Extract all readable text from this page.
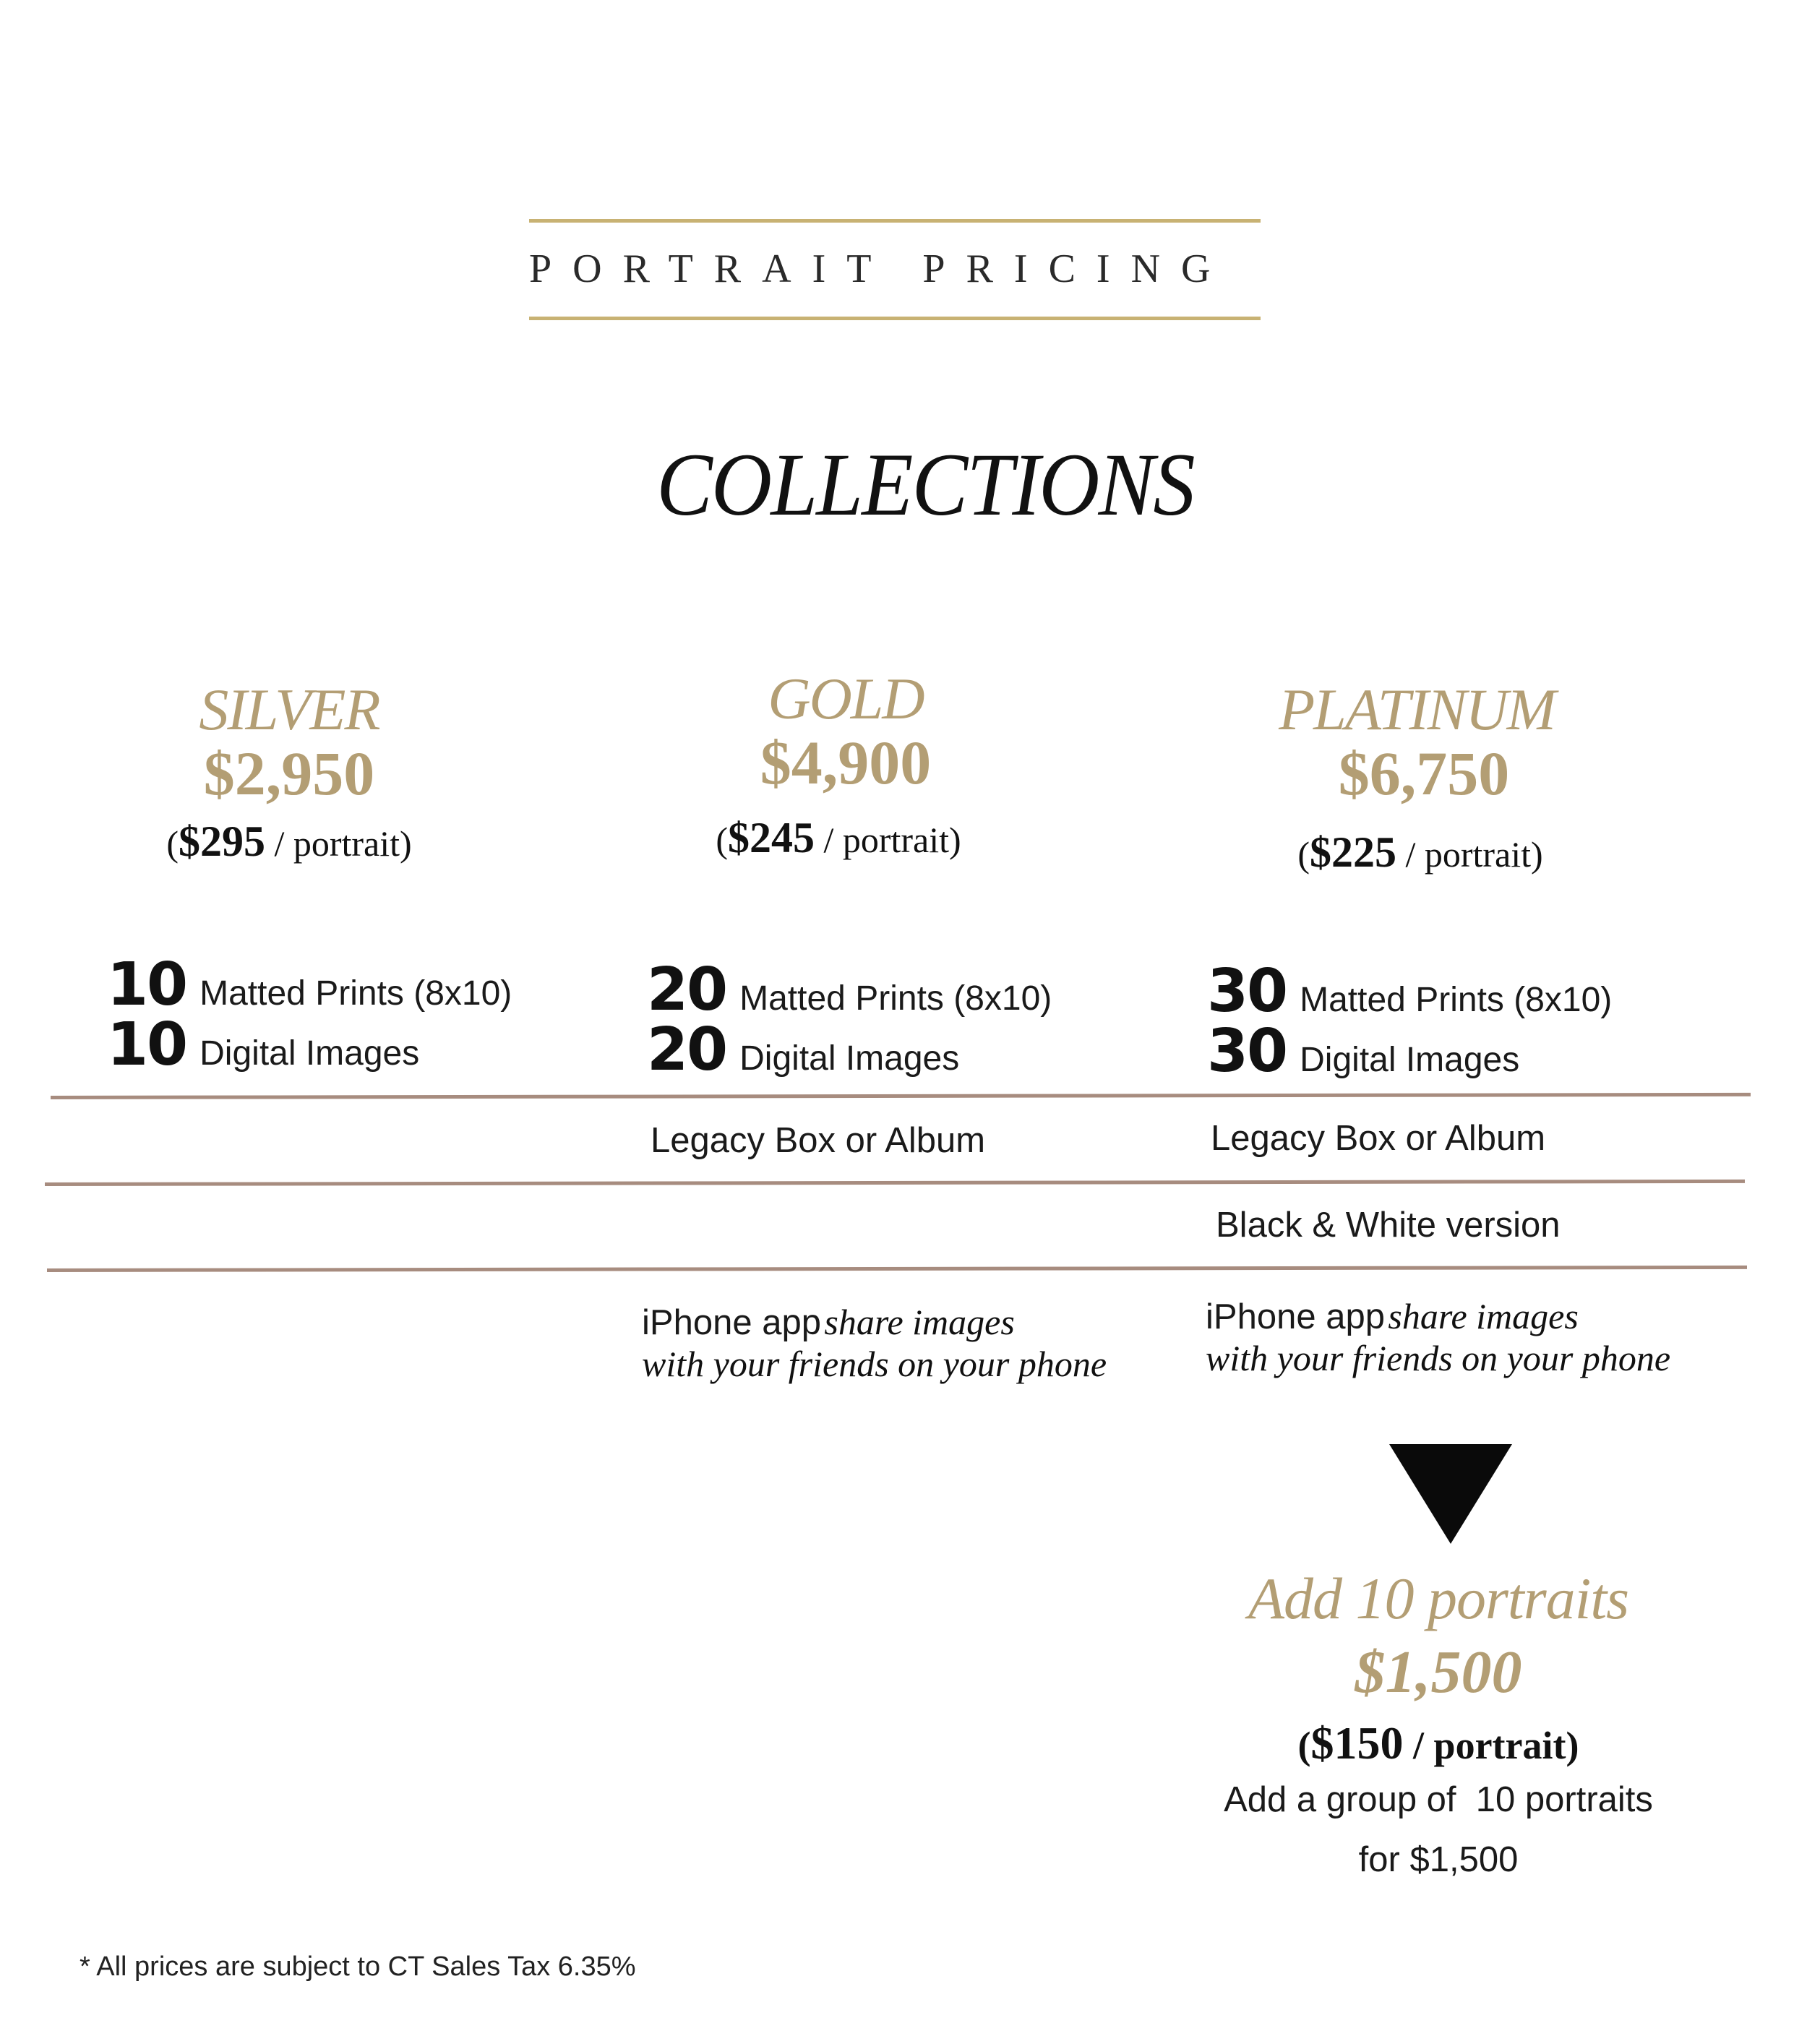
PORTRAIT PRICING
COLLECTIONS
SILVER
$2,950
($295 / portrait)
GOLD
$4,900
($245 / portrait)
PLATINUM
$6,750
($225 / portrait)
10 Matted Prints (8x10)
10 Digital Images
20 Matted Prints (8x10)
20 Digital Images
30 Matted Prints (8x10)
30 Digital Images
Legacy Box or Album	Legacy Box or Album
Black & White version
iPhone app share images
with your friends on your phone
iPhone app share images
with your friends on your phone
Add 10 portraits
$1,500
($150 / portrait)
Add a group of  10 portraits
for $1,500
* All prices are subject to CT Sales Tax 6.35%
